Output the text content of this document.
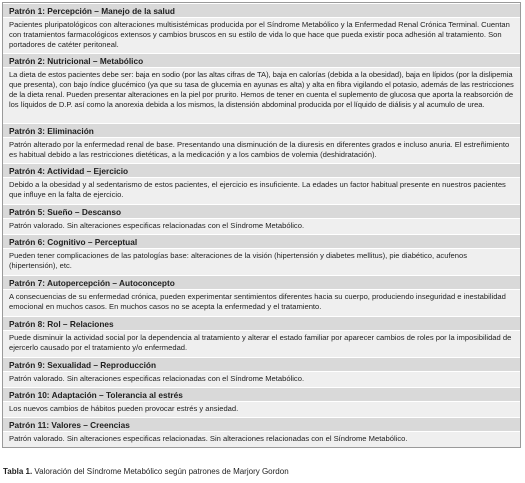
Patrón 1: Percepción – Manejo de la salud
Pacientes pluripatológicos con alteraciones multisistémicas producida por el Síndrome Metabólico y la Enfermedad Renal Crónica Terminal. Cuentan con tratamientos farmacológicos extensos y cambios bruscos en su estilo de vida lo que hace que pueda existir poca adhesión al tratamiento. Son portadores de catéter peritoneal.
Patrón 2: Nutricional – Metabólico
La dieta de estos pacientes debe ser: baja en sodio (por las altas cifras de TA), baja en calorías (debida a la obesidad), baja en lípidos (por la dislipemia que presenta), con bajo índice glucémico (ya que su tasa de glucemia en ayunas es alta) y alta en fibra vigilando el potasio, además de las restricciones de la dieta renal. Pueden presentar alteraciones en la piel por prurito. Hemos de tener en cuenta el suplemento de glucosa que aporta la reabsorción de los líquidos de D.P. así como la anorexia debida a los mismos, la distensión abdominal producida por el líquido de diálisis y al acumulo de urea.
Patrón 3: Eliminación
Patrón alterado por la enfermedad renal de base. Presentando una disminución de la diuresis en diferentes grados e incluso anuria. El estreñimiento es habitual debido a las restricciones dietéticas, a la medicación y a los cambios de volemia (deshidratación).
Patrón 4: Actividad – Ejercicio
Debido a la obesidad y al sedentarismo de estos pacientes, el ejercicio es insuficiente. La edades un factor habitual presente en nuestros pacientes que influye en la falta de ejercicio.
Patrón 5: Sueño – Descanso
Patrón valorado. Sin alteraciones especificas relacionadas con el Síndrome Metabólico.
Patrón 6: Cognitivo – Perceptual
Pueden tener complicaciones de las patologías base: alteraciones de la visión (hipertensión y diabetes mellitus), pie diabético, acufenos (hipertensión), etc.
Patrón 7: Autopercepción – Autoconcepto
A consecuencias de su enfermedad crónica, pueden experimentar sentimientos diferentes hacia su cuerpo, produciendo inseguridad e inestabilidad emocional en muchos casos. En muchos casos no se acepta la enfermedad y el tratamiento.
Patrón 8: Rol – Relaciones
Puede disminuir la actividad social por la dependencia al tratamiento y alterar el estado familiar por aparecer cambios de roles por la imposibilidad de ejercerlo causado por el tratamiento y/o enfermedad.
Patrón 9: Sexualidad – Reproducción
Patrón valorado. Sin alteraciones especificas relacionadas con el Síndrome Metabólico.
Patrón 10: Adaptación – Tolerancia al estrés
Los nuevos cambios de hábitos pueden provocar estrés y ansiedad.
Patrón 11: Valores – Creencias
Patrón valorado. Sin alteraciones especificas relacionadas. Sin alteraciones relacionadas con el Síndrome Metabólico.
Tabla 1. Valoración del Síndrome Metabólico según patrones de Marjory Gordon
